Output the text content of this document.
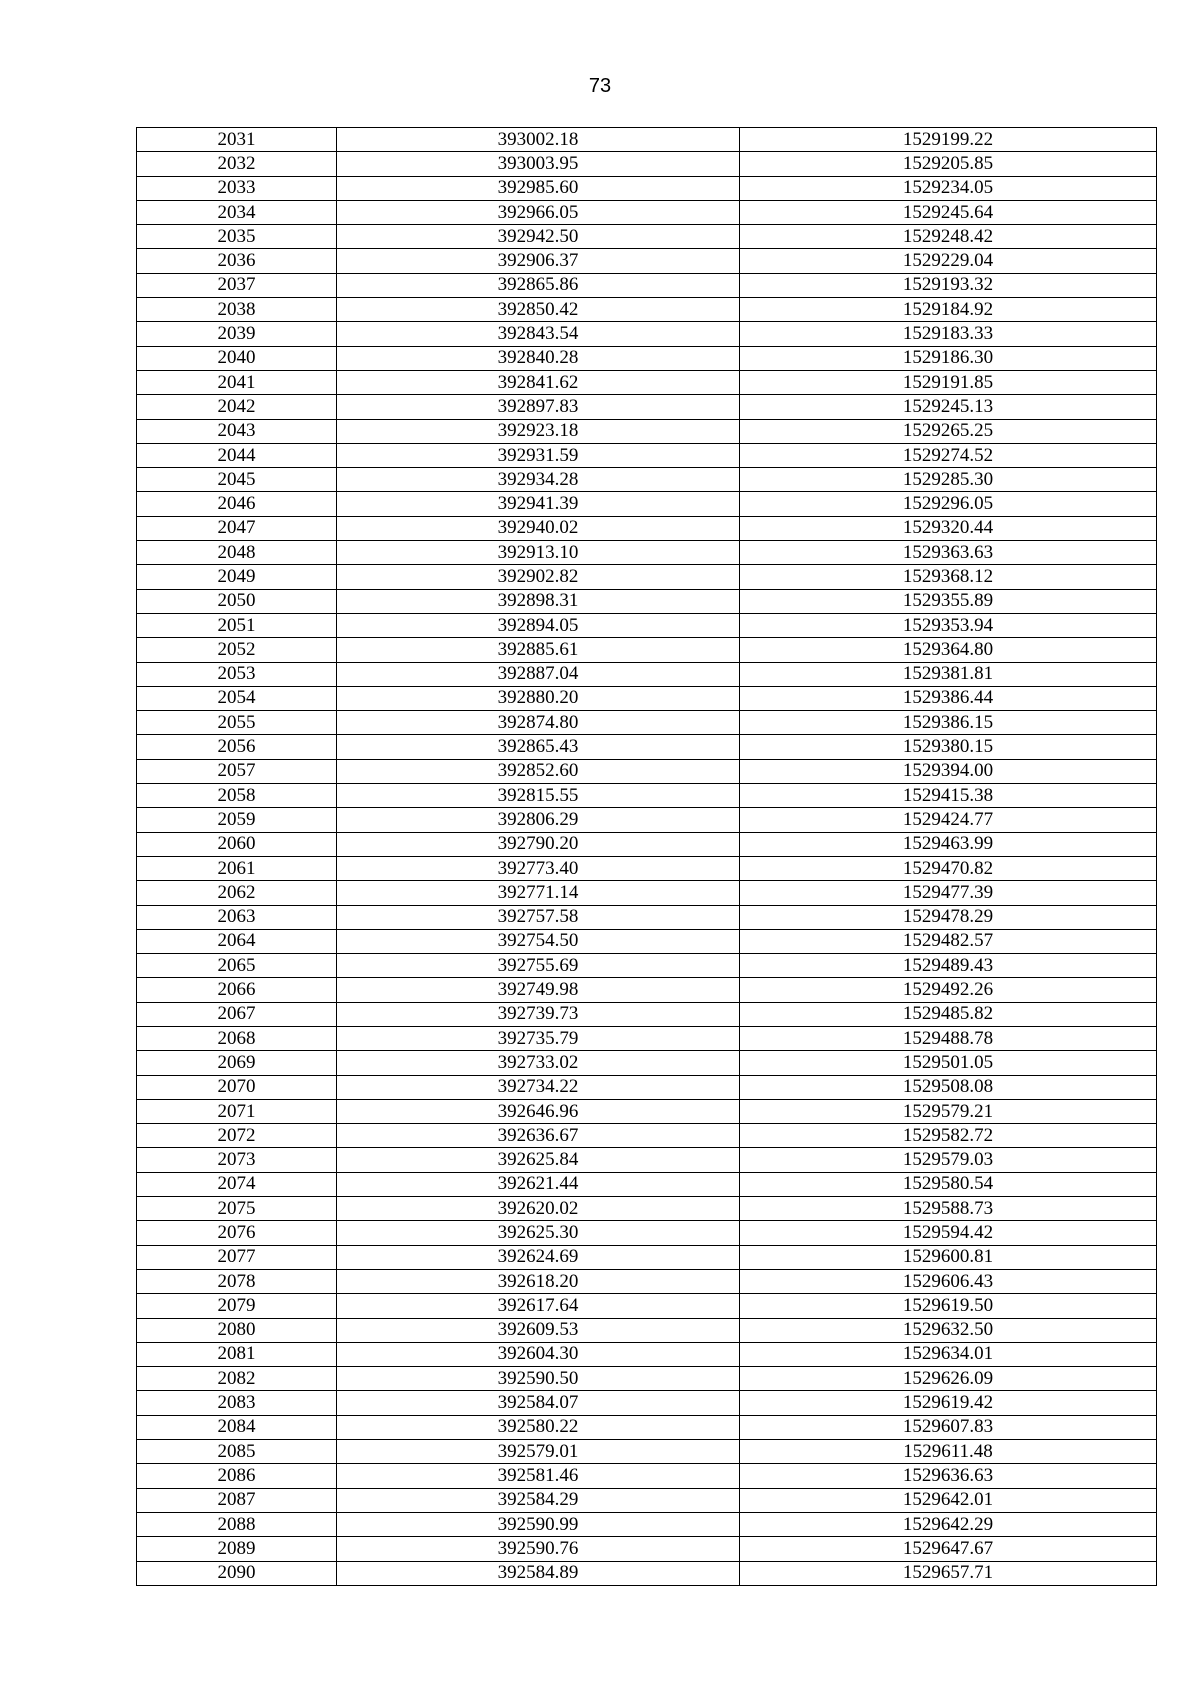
73
2031	393002.18	1529199.22
2032	393003.95	1529205.85
2033	392985.60	1529234.05
2034	392966.05	1529245.64
2035	392942.50	1529248.42
2036	392906.37	1529229.04
2037	392865.86	1529193.32
2038	392850.42	1529184.92
2039	392843.54	1529183.33
2040	392840.28	1529186.30
2041	392841.62	1529191.85
2042	392897.83	1529245.13
2043	392923.18	1529265.25
2044	392931.59	1529274.52
2045	392934.28	1529285.30
2046	392941.39	1529296.05
2047	392940.02	1529320.44
2048	392913.10	1529363.63
2049	392902.82	1529368.12
2050	392898.31	1529355.89
2051	392894.05	1529353.94
2052	392885.61	1529364.80
2053	392887.04	1529381.81
2054	392880.20	1529386.44
2055	392874.80	1529386.15
2056	392865.43	1529380.15
2057	392852.60	1529394.00
2058	392815.55	1529415.38
2059	392806.29	1529424.77
2060	392790.20	1529463.99
2061	392773.40	1529470.82
2062	392771.14	1529477.39
2063	392757.58	1529478.29
2064	392754.50	1529482.57
2065	392755.69	1529489.43
2066	392749.98	1529492.26
2067	392739.73	1529485.82
2068	392735.79	1529488.78
2069	392733.02	1529501.05
2070	392734.22	1529508.08
2071	392646.96	1529579.21
2072	392636.67	1529582.72
2073	392625.84	1529579.03
2074	392621.44	1529580.54
2075	392620.02	1529588.73
2076	392625.30	1529594.42
2077	392624.69	1529600.81
2078	392618.20	1529606.43
2079	392617.64	1529619.50
2080	392609.53	1529632.50
2081	392604.30	1529634.01
2082	392590.50	1529626.09
2083	392584.07	1529619.42
2084	392580.22	1529607.83
2085	392579.01	1529611.48
2086	392581.46	1529636.63
2087	392584.29	1529642.01
2088	392590.99	1529642.29
2089	392590.76	1529647.67
2090	392584.89	1529657.71
